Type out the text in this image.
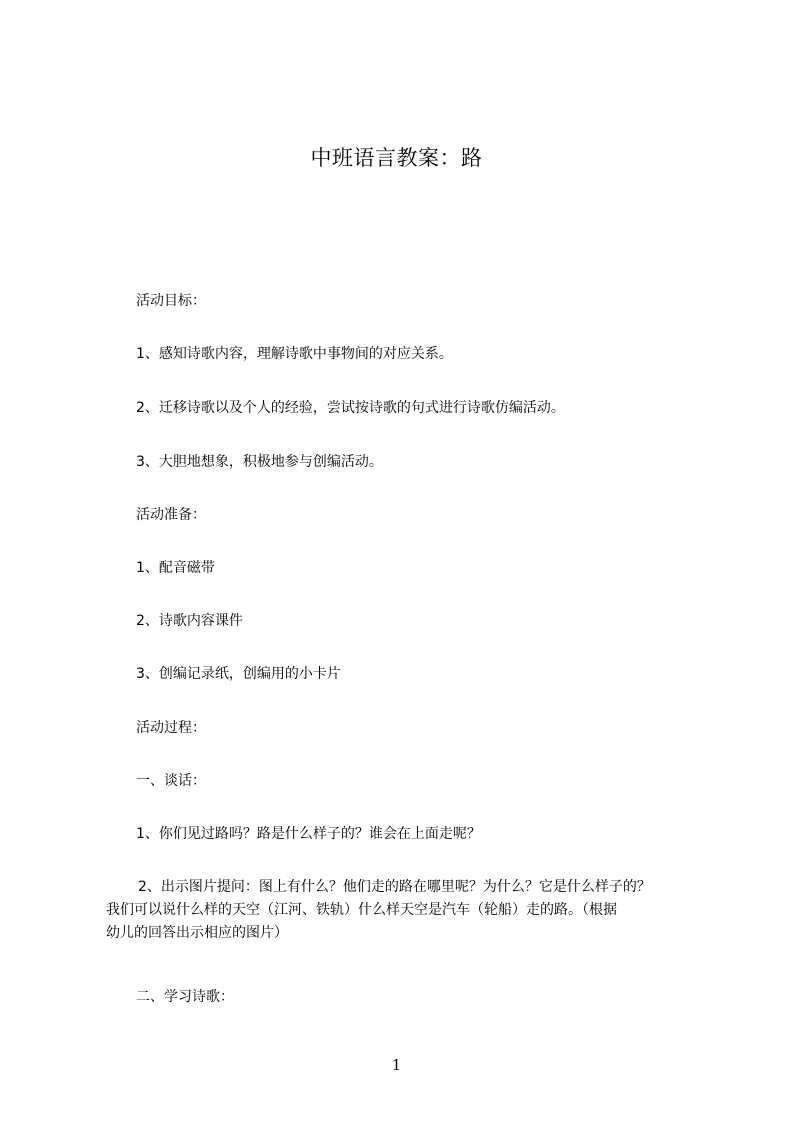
中班语言教案：路
活动目标：
1、感知诗歌内容，理解诗歌中事物间的对应关系。
2、迁移诗歌以及个人的经验，尝试按诗歌的句式进行诗歌仿编活动。
3、大胆地想象，积极地参与创编活动。
活动准备：
1、配音磁带
2、诗歌内容课件
3、创编记录纸，创编用的小卡片
活动过程：
一、谈话：
1、你们见过路吗？路是什么样子的？谁会在上面走呢？
2、出示图片提问：图上有什么？他们走的路在哪里呢？为什么？它是什么样子的？
我们可以说什么样的天空（江河、铁轨）什么样天空是汽车（轮船）走的路。（根据
幼儿的回答出示相应的图片）
二、学习诗歌：
1
